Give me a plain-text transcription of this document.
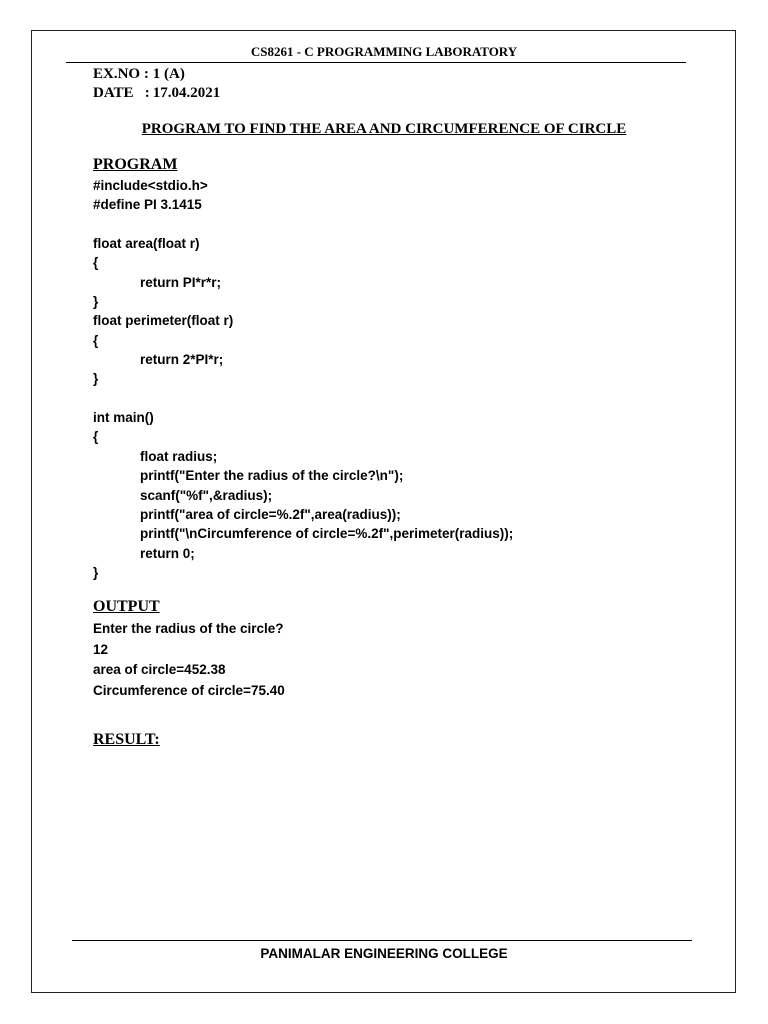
CS8261 - C PROGRAMMING LABORATORY
EX.NO : 1 (A)
DATE   : 17.04.2021
PROGRAM TO FIND THE AREA AND CIRCUMFERENCE OF CIRCLE
PROGRAM
#include<stdio.h>
#define PI 3.1415
float area(float r)
{
return PI*r*r;
}
float perimeter(float r)
{
return 2*PI*r;
}
int main()
{
float radius;
printf("Enter the radius of the circle?\n");
scanf("%f",&radius);
printf("area of circle=%.2f",area(radius));
printf("\nCircumference of circle=%.2f",perimeter(radius));
return 0;
}
OUTPUT
Enter the radius of the circle?
12
area of circle=452.38
Circumference of circle=75.40
RESULT:
PANIMALAR ENGINEERING COLLEGE
